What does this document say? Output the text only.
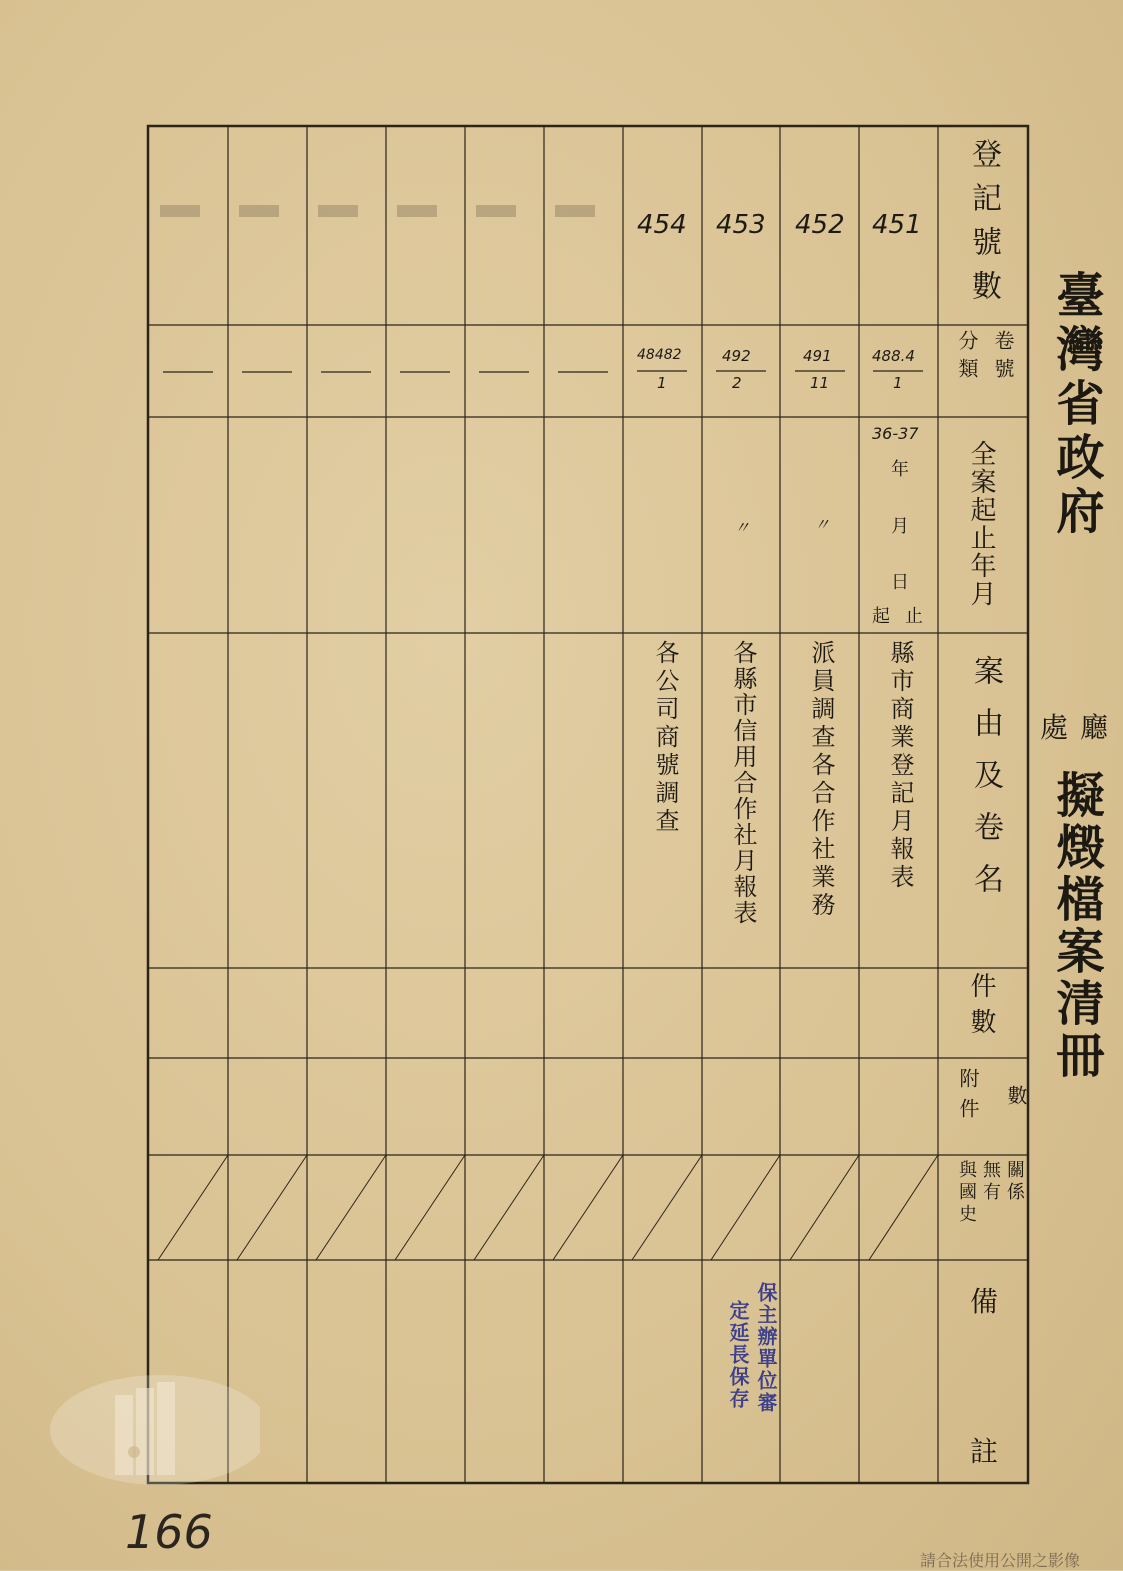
臺灣省政府
廳
處
擬燬檔案清冊
登記號數
卷號
分類
全案起止年月
案由及卷名
件數
附件 數
與國史 無有 關係
備
註
年
月
日
起 止
451
488.4
1
36-37
縣市商業登記月報表
452
491
11
〃
派員調查各合作社業務
453
492
2
〃
各縣市信用合作社月報表
454
48482
1
各公司商號調查
保主辦單位審
定延長保存
166
請合法使用公開之影像
